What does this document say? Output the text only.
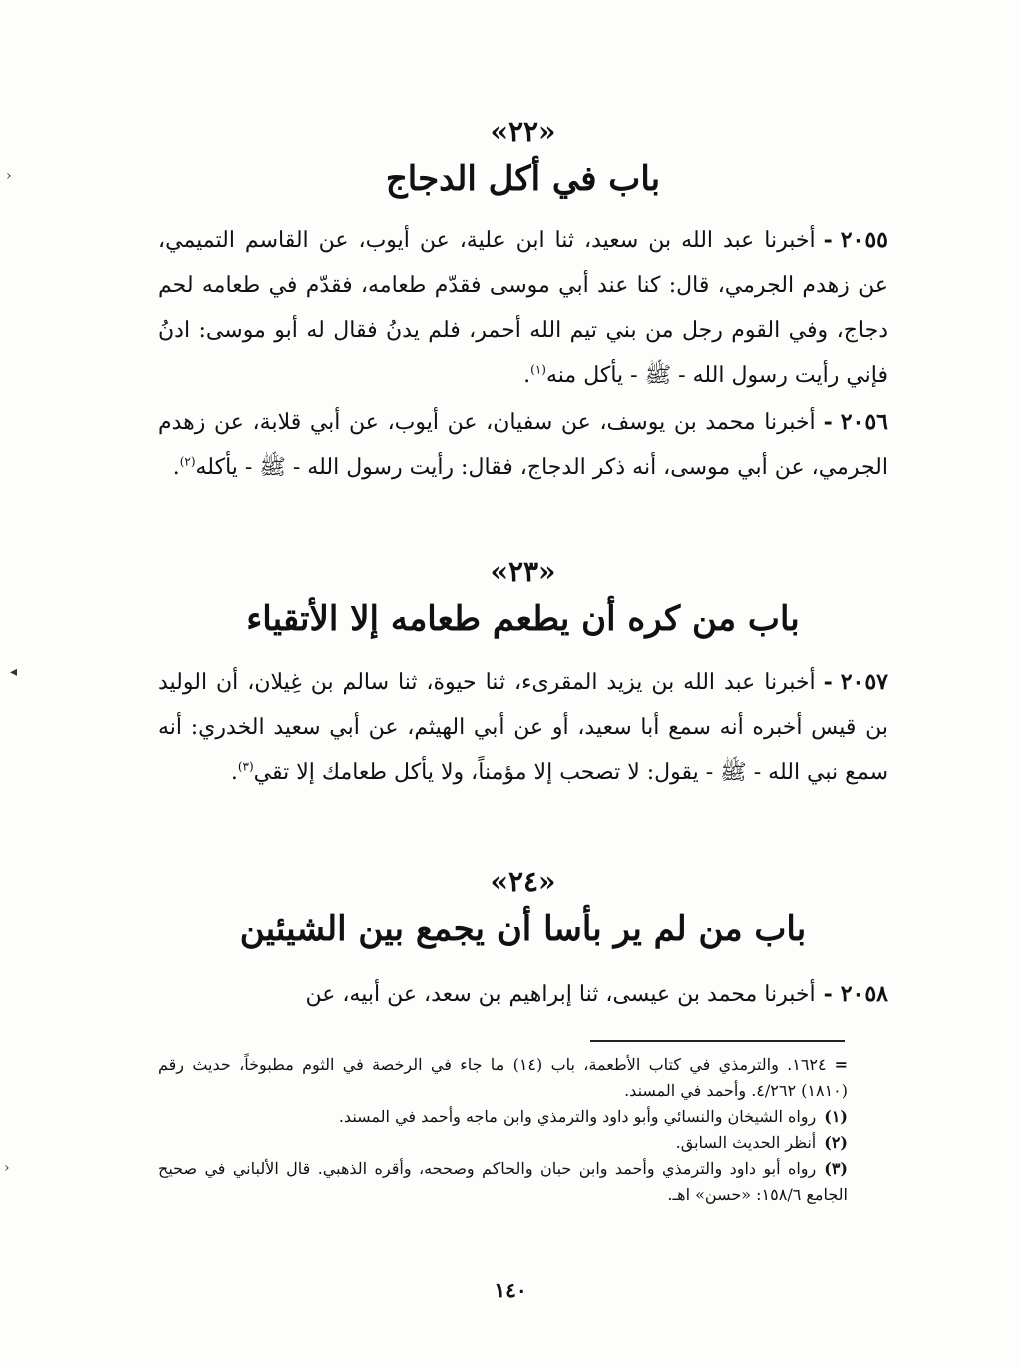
«٢٢»

باب في أكل الدجاج

٢٠٥٥-أخبرنا عبد الله بن سعيد، ثنا ابن علية، عن أيوب، عن القاسم التميمي، عن زهدم الجرمي، قال: كنا عند أبي موسى فقدّم طعامه، فقدّم في طعامه لحم دجاج، وفي القوم رجل من بني تيم الله أحمر، فلم يدنُ فقال له أبو موسى: ادنُ فإني رأيت رسول الله - ﷺ - يأكل منه$^{(١)}$.

٢٠٥٦-أخبرنا محمد بن يوسف، عن سفيان، عن أيوب، عن أبي قلابة، عن زهدم الجرمي، عن أبي موسى، أنه ذكر الدجاج، فقال: رأيت رسول الله - ﷺ - يأكله$^{(٢)}$.

«٢٣»

باب من كره أن يطعم طعامه إلا الأتقياء

٢٠٥٧-أخبرنا عبد الله بن يزيد المقرىء، ثنا حيوة، ثنا سالم بن غِيلان، أن الوليد بن قيس أخبره أنه سمع أبا سعيد، أو عن أبي الهيثم، عن أبي سعيد الخدري: أنه سمع نبي الله - ﷺ - يقول: لا تصحب إلا مؤمناً، ولا يأكل طعامك إلا تقي$^{(٣)}$.

«٢٤»

باب من لم ير بأسا أن يجمع بين الشيئين

٢٠٥٨-أخبرنا محمد بن عيسى، ثنا إبراهيم بن سعد، عن أبيه، عن

=١٦٢٤. والترمذي في كتاب الأطعمة، باب (١٤) ما جاء في الرخصة في الثوم مطبوخاً، حديث رقم (١٨١٠) ٤/٢٦٢. وأحمد في المسند.

(١)رواه الشيخان والنسائي وأبو داود والترمذي وابن ماجه وأحمد في المسند.

(٢)أنظر الحديث السابق.

(٣)رواه أبو داود والترمذي وأحمد وابن حبان والحاكم وصححه، وأقره الذهبي. قال الألباني في صحيح الجامع ١٥٨/٦: «حسن» اهـ.

١٤٠
›
◂
›
